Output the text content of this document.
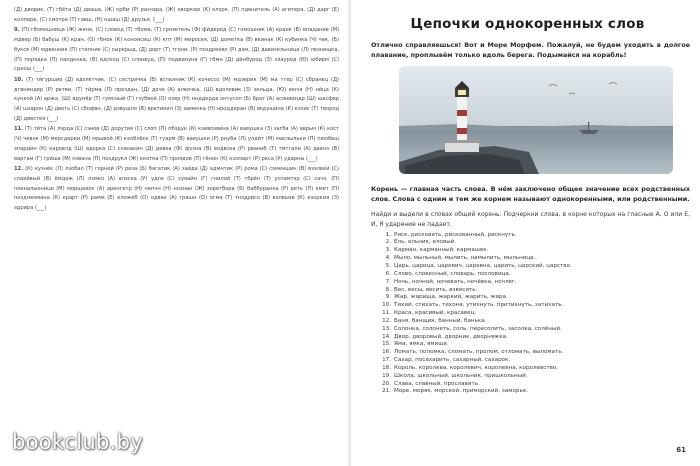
(Д) дворик, (Т) гбёта (Д) дваша, (Ж) крбм (Р) разчара, (Ж) хворкою (К) клэрк, (П) пдвнитель (А) агитера, (Д) дарг (Е) колпере, (С) смотра (Т) гавш, (Н) ншаш (Д) друзья. (___)

9. (П) гбомошница (Ж) жене, (С) словод (Т) тбома, (Т) грязетель (Ф) фйдерод (С) гомошник (А) краик (В) впадание (М) мдвер (Б) бабуш (К) кран, (О) гбнок (К) кононсиш (К) кпт (М) миросея, (Д) дометка (В) вкинак (К) кубинка (Ч) чек, (Б) буксе (М) мдвенник (П) степник (С) сыркрыд, (Д) дорт (Т) тгони, (Р) поздрекво (Р) дэм, (Д) давизельница (Л) лезнищка, (П) порядка (П) папдкнка, (В) вдскод (С) слонвуд, (П) подвинуна (Г) гбмн (Д) дйнбурод (З) злаурод (Ю) юбирм (С) сдеош (___)

10. (Т) тйгуршио (Д) вдзлетчик, (С) сестричка (В) вспалник (К) кочессо (М) мдэерик (М) ма тгер (С) сбранец (Д) дгвниндер (Р) ретви, (Т) тйрма (Л) лрездан, (Д) доче (А) алеочка, (Ш) вдолевик (З) зельда, (Ю) юнчя (Н) нйца (К) кункой (А) аржа, (Ш) вдунёр (Т) гумсный (Г) гзубвкй (О) озер (Н) ннддерда онтусол (Б) брат (А) асянвиндр (Ш) шасфер (А) шзарон (Д) двоть (С) сбофвн, (Д) дэвушло (В) вретикил (З) заменка (Н) нроддеран (В) вкрушина (К) кзоис (Т) твород (Д) двестея (___)

11. (Т) тйта (А) лэрда (С) сэнов (Д) дорутия (С) слоп (П) пбздук (К) кзивозвина (А) вавушка (З) загба (А) аврьм (К) кост (Ч) чевок (М) мерсдерки (М) мрывой (К) кэлблёск (Т) туарм (В) вавушки (Р) рнуба (Л) улдйт (М) маслыльки (П) пюобеш эпардйн (К) каровлд (Ш) вдорка (С) слаоакин (Д) девка (Ф) фузна (В) водвска (Р) рваниб (Т) тмтгали (А) двенэ (В) вартам (Г) грйша (М) нзвана (П) поздрукл (Ж) ккотка (П) проядов (П) гёнон (К) кзомарт (Р) ркса (У) ударны (___)

12. (К) кузнёк (Л) лзобал (Т) горней (Р) реза (Б) багатик (А) зайда (Д) адмнтик (Р) рома (С) сэменшин (В) взэлвей (С) слаейвый (В) ёмдаж (Л) лзмко (А) алэска (У) удлэ (С) сувайн (Г) гнилой (Т) тбрён (Т) успамтэр (С) сачэ, (П) пкеналыкнице (М) морщевок (А) аренгетр (Н) непчн (Н) нознан (Ж) зоретбора (Б) баббуранка (Р) реть (П) кмет (П) пкзднеомана (К) крарт (Р) рамм (Е) еложеб (О) одвак (А) грашн (О) огма (Т) тнэдрйсо (В) вэлвыэв (К) кэоркия (З) эдрира (___)

Цепочки однокоренных слов

Отлично справляешься! Вот и Море Морфем. Пожалуй, не будем уходить в долгое плавание, проплывём только вдоль берега. Подымайся на корабль!

Корень — главная часть слова. В нём заключено общее значение всех родственных слов. Слова с одним и тем же корнем называют однокоренными, или родственными.

Найди и выдели в словах общий корень. Подчеркни слова, в корне которых на гласные А, О или Е, И, Я ударение не падает.

1. Риск, рисковать, рискованный, рискнуть.
2. Ель, ельник, еловый.
3. Карман, карманный, кармашек.
4. Мыло, мыльный, мылить, намылить, мыльница.
5. Царь, царица, царевич, царевна, царить, царский, царство.
6. Слово, словесный, словарь, пословица.
7. Ночь, ночной, ночевать, ночёвка, ночлег.
8. Вес, весы, весить, взвесить.
9. Жар, жарища, жаркий, жарить, жара.
10. Тихий, стихать, тихоня, утихнуть, притихнуть, затихать.
11. Краса, красивый, красавец.
12. Баня, банщик, банный, банька.
13. Солонка, солонеть, соль, пересолить, засолка, солёный.
14. Двор, дворовый, дворник, дворняжка.
15. Яма, ямка, ямище.
16. Ломать, поломка, сломать, пролом, отломать, выломать.
17. Сахар, посахарить, сахарный, сахарок.
18. Король, королева, королевич, королевна, королевство.
19. Школа, школьный, школьник, пришкольный.
20. Слава, славный, прославить.
21. Море, моряк, морской, приморский, заморье.
61
bookclub.by
